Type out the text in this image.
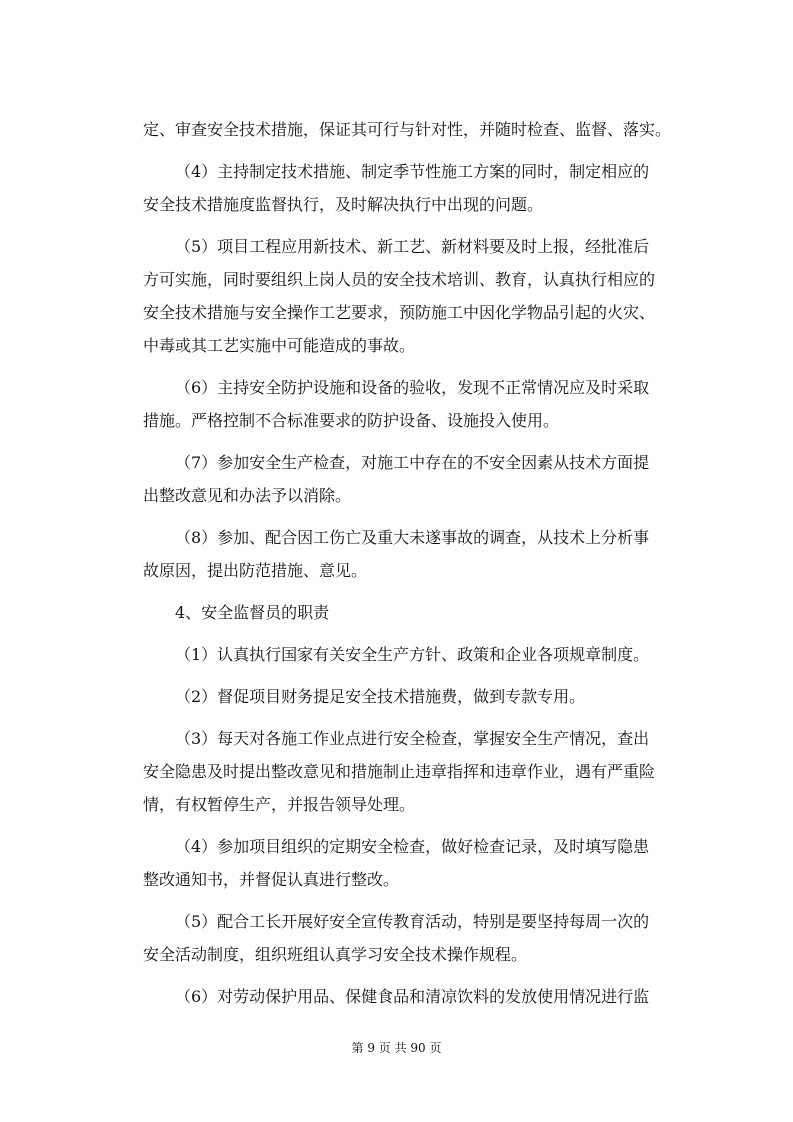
定、审查安全技术措施，保证其可行与针对性，并随时检查、监督、落实。
（4）主持制定技术措施、制定季节性施工方案的同时，制定相应的
安全技术措施度监督执行，及时解决执行中出现的问题。
（5）项目工程应用新技术、新工艺、新材料要及时上报，经批准后
方可实施，同时要组织上岗人员的安全技术培训、教育，认真执行相应的
安全技术措施与安全操作工艺要求，预防施工中因化学物品引起的火灾、
中毒或其工艺实施中可能造成的事故。
（6）主持安全防护设施和设备的验收，发现不正常情况应及时采取
措施。严格控制不合标准要求的防护设备、设施投入使用。
（7）参加安全生产检查，对施工中存在的不安全因素从技术方面提
出整改意见和办法予以消除。
（8）参加、配合因工伤亡及重大未遂事故的调查，从技术上分析事
故原因，提出防范措施、意见。
4、安全监督员的职责
（1）认真执行国家有关安全生产方针、政策和企业各项规章制度。
（2）督促项目财务提足安全技术措施费，做到专款专用。
（3）每天对各施工作业点进行安全检查，掌握安全生产情况，查出
安全隐患及时提出整改意见和措施制止违章指挥和违章作业，遇有严重险
情，有权暂停生产，并报告领导处理。
（4）参加项目组织的定期安全检查，做好检查记录，及时填写隐患
整改通知书，并督促认真进行整改。
（5）配合工长开展好安全宣传教育活动，特别是要坚持每周一次的
安全活动制度，组织班组认真学习安全技术操作规程。
（6）对劳动保护用品、保健食品和清凉饮料的发放使用情况进行监
第 9 页 共 90 页
